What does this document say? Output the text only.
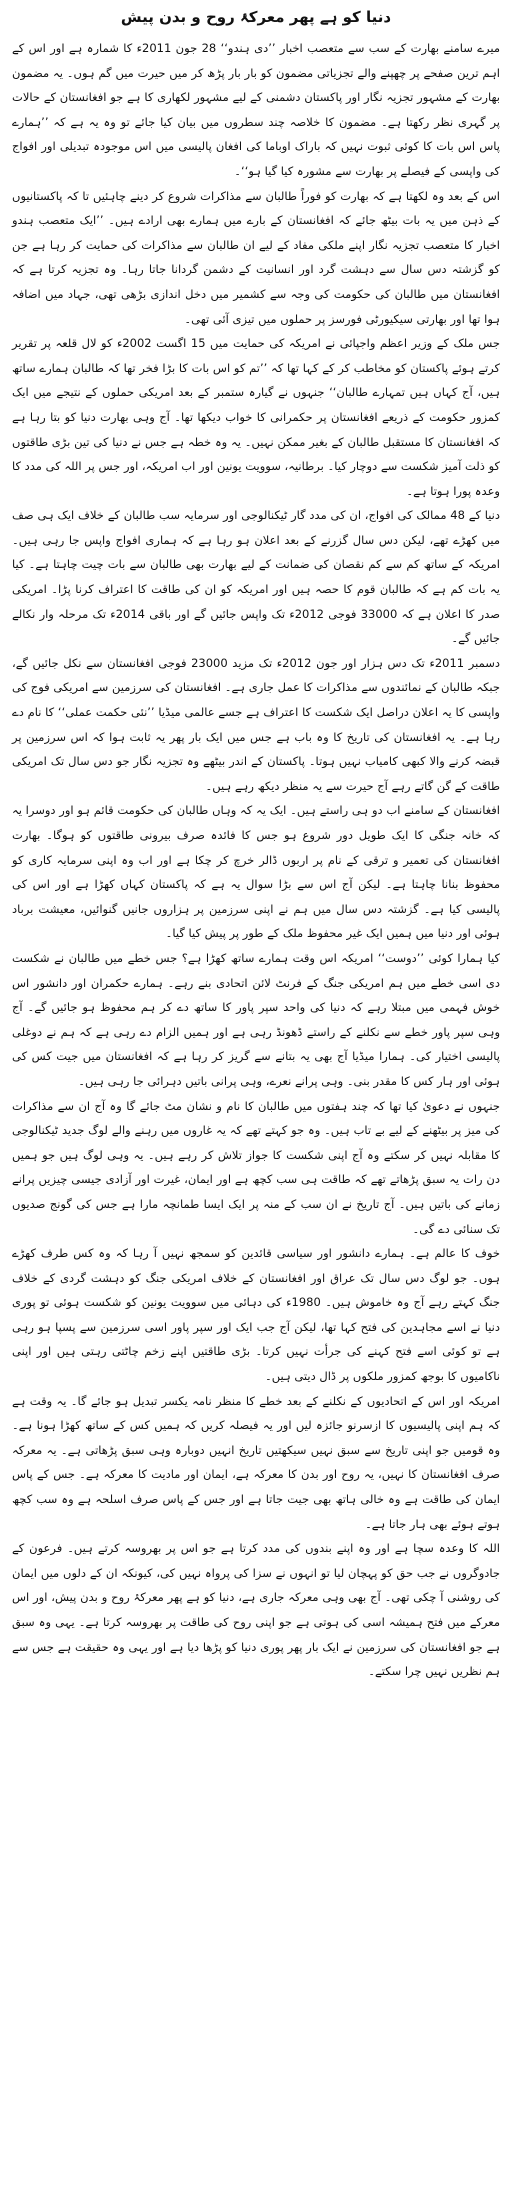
دنیا کو ہے پھر معرکۂ روح و بدن پیش

میرے سامنے بھارت کے سب سے متعصب اخبار ’’دی ہندو‘‘ 28 جون 2011ء کا شمارہ ہے اور اس کے اہم ترین صفحے پر چھپنے والے تجزیاتی مضمون کو بار بار پڑھ کر میں حیرت میں گم ہوں۔ یہ مضمون بھارت کے مشہور تجزیہ نگار اور پاکستان دشمنی کے لیے مشہور لکھاری کا ہے جو افغانستان کے حالات پر گہری نظر رکھتا ہے۔ مضمون کا خلاصہ چند سطروں میں بیان کیا جائے تو وہ یہ ہے کہ ’’ہمارے پاس اس بات کا کوئی ثبوت نہیں کہ باراک اوباما کی افغان پالیسی میں اس موجودہ تبدیلی اور افواج کی واپسی کے فیصلے پر بھارت سے مشورہ کیا گیا ہو‘‘۔

اس کے بعد وہ لکھتا ہے کہ بھارت کو فوراً طالبان سے مذاکرات شروع کر دینے چاہئیں تا کہ پاکستانیوں کے ذہن میں یہ بات بیٹھ جائے کہ افغانستان کے بارے میں ہمارے بھی ارادے ہیں۔ ’’ایک متعصب ہندو اخبار کا متعصب تجزیہ نگار اپنے ملکی مفاد کے لیے ان طالبان سے مذاکرات کی حمایت کر رہا ہے جن کو گزشتہ دس سال سے دہشت گرد اور انسانیت کے دشمن گردانا جاتا رہا۔ وہ تجزیہ کرتا ہے کہ افغانستان میں طالبان کی حکومت کی وجہ سے کشمیر میں دخل اندازی بڑھی تھی، جہاد میں اضافہ ہوا تھا اور بھارتی سیکیورٹی فورسز پر حملوں میں تیزی آئی تھی۔

جس ملک کے وزیر اعظم واجپائی نے امریکہ کی حمایت میں 15 اگست 2002ء کو لال قلعہ پر تقریر کرتے ہوئے پاکستان کو مخاطب کر کے کہا تھا کہ ’’تم کو اس بات کا بڑا فخر تھا کہ طالبان ہمارے ساتھ ہیں، آج کہاں ہیں تمہارے طالبان‘‘ جنہوں نے گیارہ ستمبر کے بعد امریکی حملوں کے نتیجے میں ایک کمزور حکومت کے ذریعے افغانستان پر حکمرانی کا خواب دیکھا تھا۔ آج وہی بھارت دنیا کو بتا رہا ہے کہ افغانستان کا مستقبل طالبان کے بغیر ممکن نہیں۔ یہ وہ خطہ ہے جس نے دنیا کی تین بڑی طاقتوں کو ذلت آمیز شکست سے دوچار کیا۔ برطانیہ، سوویت یونین اور اب امریکہ، اور جس پر اللہ کی مدد کا وعدہ پورا ہوتا ہے۔

دنیا کے 48 ممالک کی افواج، ان کی مدد گار ٹیکنالوجی اور سرمایہ سب طالبان کے خلاف ایک ہی صف میں کھڑے تھے، لیکن دس سال گزرنے کے بعد اعلان ہو رہا ہے کہ ہماری افواج واپس جا رہی ہیں۔ امریکہ کے ساتھ کم سے کم نقصان کی ضمانت کے لیے بھارت بھی طالبان سے بات چیت چاہتا ہے۔ کیا یہ بات کم ہے کہ طالبان قوم کا حصہ ہیں اور امریکہ کو ان کی طاقت کا اعتراف کرنا پڑا۔ امریکی صدر کا اعلان ہے کہ 33000 فوجی 2012ء تک واپس جائیں گے اور باقی 2014ء تک مرحلہ وار نکالے جائیں گے۔

دسمبر 2011ء تک دس ہزار اور جون 2012ء تک مزید 23000 فوجی افغانستان سے نکل جائیں گے، جبکہ طالبان کے نمائندوں سے مذاکرات کا عمل جاری ہے۔ افغانستان کی سرزمین سے امریکی فوج کی واپسی کا یہ اعلان دراصل ایک شکست کا اعتراف ہے جسے عالمی میڈیا ’’نئی حکمت عملی‘‘ کا نام دے رہا ہے۔ یہ افغانستان کی تاریخ کا وہ باب ہے جس میں ایک بار پھر یہ ثابت ہوا کہ اس سرزمین پر قبضہ کرنے والا کبھی کامیاب نہیں ہوتا۔ پاکستان کے اندر بیٹھے وہ تجزیہ نگار جو دس سال تک امریکی طاقت کے گن گاتے رہے آج حیرت سے یہ منظر دیکھ رہے ہیں۔

افغانستان کے سامنے اب دو ہی راستے ہیں۔ ایک یہ کہ وہاں طالبان کی حکومت قائم ہو اور دوسرا یہ کہ خانہ جنگی کا ایک طویل دور شروع ہو جس کا فائدہ صرف بیرونی طاقتوں کو ہوگا۔ بھارت افغانستان کی تعمیر و ترقی کے نام پر اربوں ڈالر خرچ کر چکا ہے اور اب وہ اپنی سرمایہ کاری کو محفوظ بنانا چاہتا ہے۔ لیکن آج اس سے بڑا سوال یہ ہے کہ پاکستان کہاں کھڑا ہے اور اس کی پالیسی کیا ہے۔ گزشتہ دس سال میں ہم نے اپنی سرزمین پر ہزاروں جانیں گنوائیں، معیشت برباد ہوئی اور دنیا میں ہمیں ایک غیر محفوظ ملک کے طور پر پیش کیا گیا۔

کیا ہمارا کوئی ’’دوست‘‘ امریکہ اس وقت ہمارے ساتھ کھڑا ہے؟ جس خطے میں طالبان نے شکست دی اسی خطے میں ہم امریکی جنگ کے فرنٹ لائن اتحادی بنے رہے۔ ہمارے حکمران اور دانشور اس خوش فہمی میں مبتلا رہے کہ دنیا کی واحد سپر پاور کا ساتھ دے کر ہم محفوظ ہو جائیں گے۔ آج وہی سپر پاور خطے سے نکلنے کے راستے ڈھونڈ رہی ہے اور ہمیں الزام دے رہی ہے کہ ہم نے دوغلی پالیسی اختیار کی۔ ہمارا میڈیا آج بھی یہ بتانے سے گریز کر رہا ہے کہ افغانستان میں جیت کس کی ہوئی اور ہار کس کا مقدر بنی۔ وہی پرانے نعرے، وہی پرانی باتیں دہرائی جا رہی ہیں۔

جنہوں نے دعویٰ کیا تھا کہ چند ہفتوں میں طالبان کا نام و نشان مٹ جائے گا وہ آج ان سے مذاکرات کی میز پر بیٹھنے کے لیے بے تاب ہیں۔ وہ جو کہتے تھے کہ یہ غاروں میں رہنے والے لوگ جدید ٹیکنالوجی کا مقابلہ نہیں کر سکتے وہ آج اپنی شکست کا جواز تلاش کر رہے ہیں۔ یہ وہی لوگ ہیں جو ہمیں دن رات یہ سبق پڑھاتے تھے کہ طاقت ہی سب کچھ ہے اور ایمان، غیرت اور آزادی جیسی چیزیں پرانے زمانے کی باتیں ہیں۔ آج تاریخ نے ان سب کے منہ پر ایک ایسا طمانچہ مارا ہے جس کی گونج صدیوں تک سنائی دے گی۔

خوف کا عالم ہے۔ ہمارے دانشور اور سیاسی قائدین کو سمجھ نہیں آ رہا کہ وہ کس طرف کھڑے ہوں۔ جو لوگ دس سال تک عراق اور افغانستان کے خلاف امریکی جنگ کو دہشت گردی کے خلاف جنگ کہتے رہے آج وہ خاموش ہیں۔ 1980ء کی دہائی میں سوویت یونین کو شکست ہوئی تو پوری دنیا نے اسے مجاہدین کی فتح کہا تھا، لیکن آج جب ایک اور سپر پاور اسی سرزمین سے پسپا ہو رہی ہے تو کوئی اسے فتح کہنے کی جرأت نہیں کرتا۔ بڑی طاقتیں اپنے زخم چاٹتی رہتی ہیں اور اپنی ناکامیوں کا بوجھ کمزور ملکوں پر ڈال دیتی ہیں۔

امریکہ اور اس کے اتحادیوں کے نکلنے کے بعد خطے کا منظر نامہ یکسر تبدیل ہو جائے گا۔ یہ وقت ہے کہ ہم اپنی پالیسیوں کا ازسرنو جائزہ لیں اور یہ فیصلہ کریں کہ ہمیں کس کے ساتھ کھڑا ہونا ہے۔ وہ قومیں جو اپنی تاریخ سے سبق نہیں سیکھتیں تاریخ انہیں دوبارہ وہی سبق پڑھاتی ہے۔ یہ معرکہ صرف افغانستان کا نہیں، یہ روح اور بدن کا معرکہ ہے، ایمان اور مادیت کا معرکہ ہے۔ جس کے پاس ایمان کی طاقت ہے وہ خالی ہاتھ بھی جیت جاتا ہے اور جس کے پاس صرف اسلحہ ہے وہ سب کچھ ہوتے ہوئے بھی ہار جاتا ہے۔

اللہ کا وعدہ سچا ہے اور وہ اپنے بندوں کی مدد کرتا ہے جو اس پر بھروسہ کرتے ہیں۔ فرعون کے جادوگروں نے جب حق کو پہچان لیا تو انہوں نے سزا کی پرواہ نہیں کی، کیونکہ ان کے دلوں میں ایمان کی روشنی آ چکی تھی۔ آج بھی وہی معرکہ جاری ہے، دنیا کو ہے پھر معرکۂ روح و بدن پیش، اور اس معرکے میں فتح ہمیشہ اسی کی ہوتی ہے جو اپنی روح کی طاقت پر بھروسہ کرتا ہے۔ یہی وہ سبق ہے جو افغانستان کی سرزمین نے ایک بار پھر پوری دنیا کو پڑھا دیا ہے اور یہی وہ حقیقت ہے جس سے ہم نظریں نہیں چرا سکتے۔
